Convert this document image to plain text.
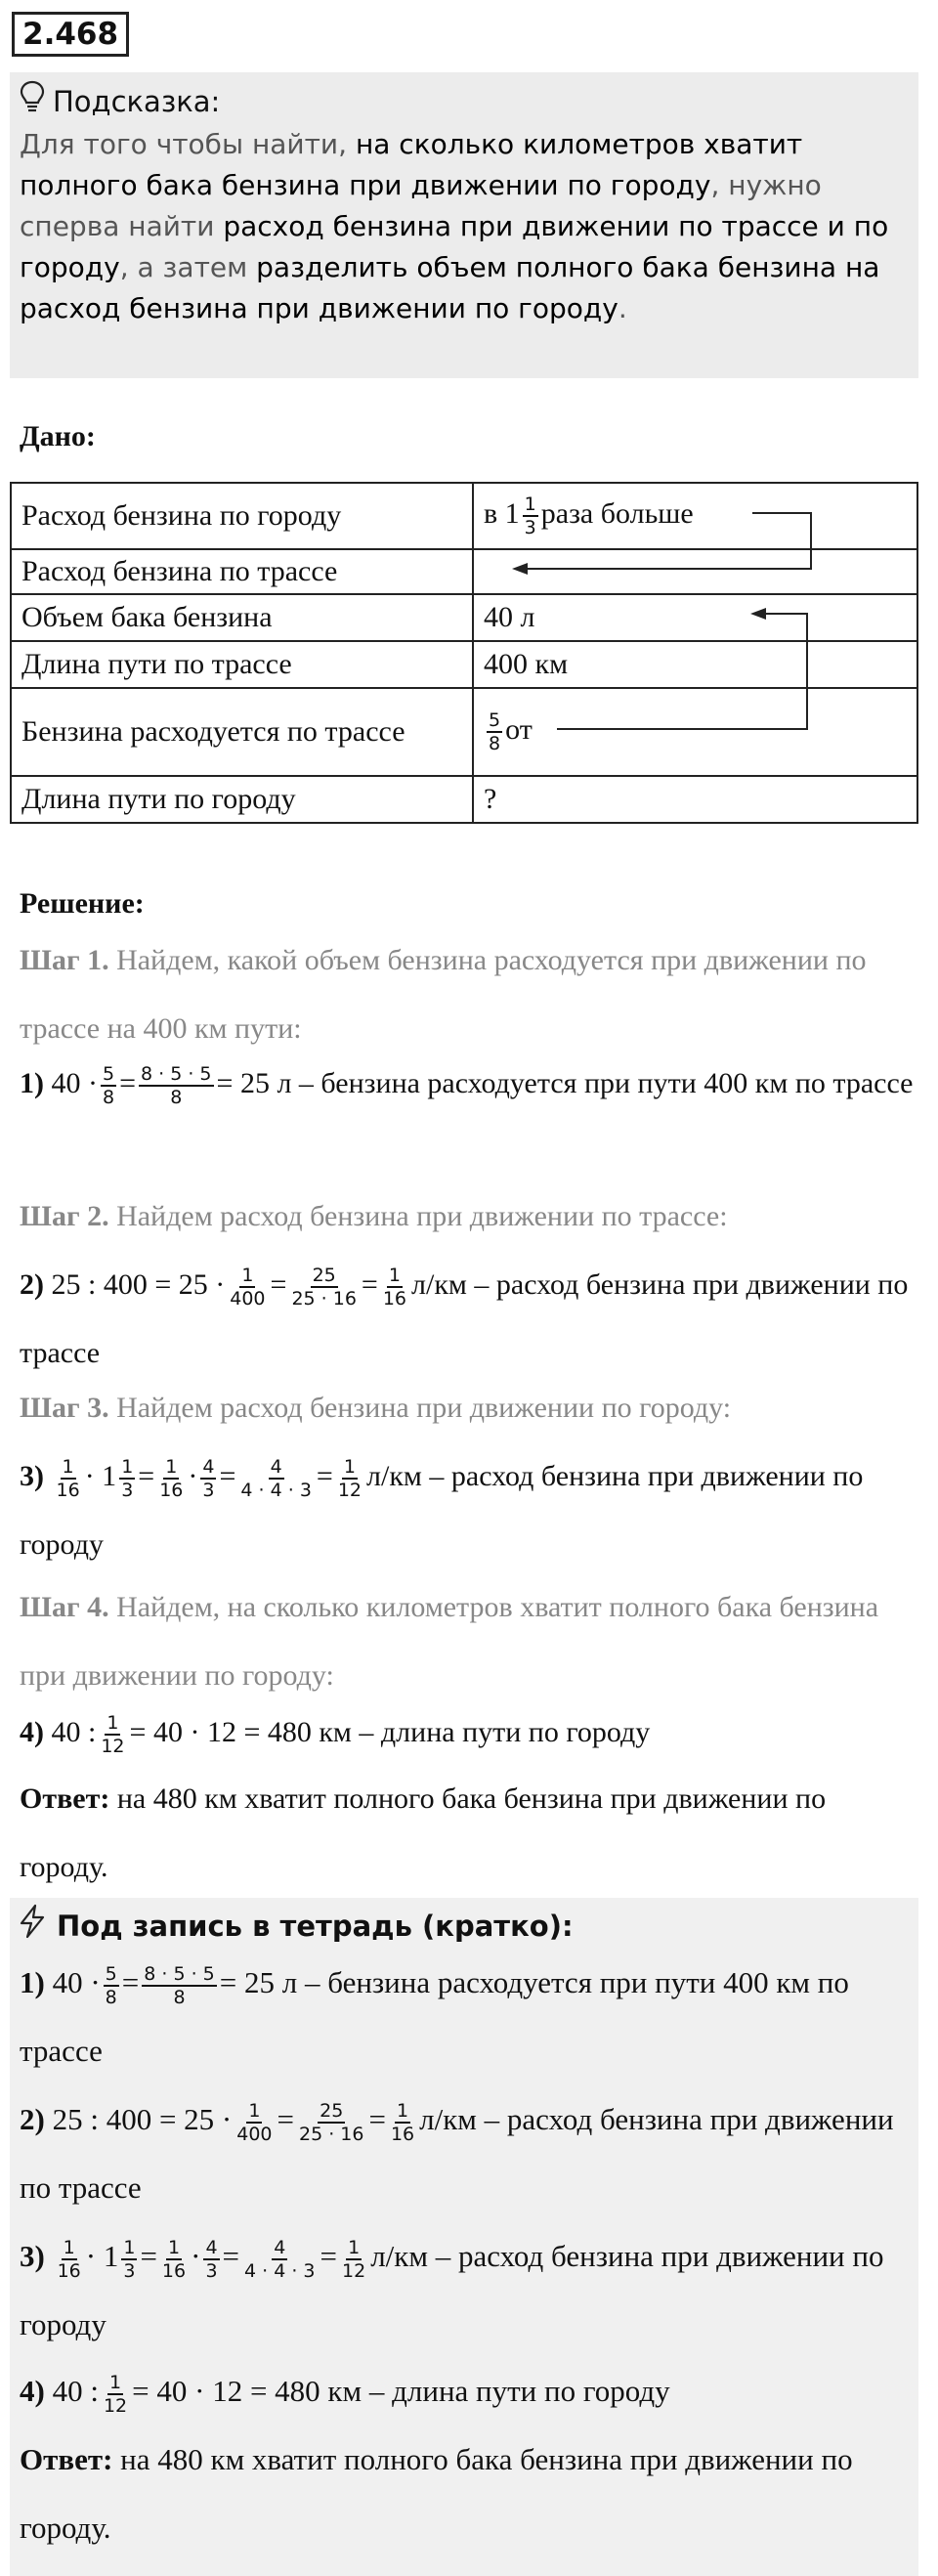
2.468
Подсказка:
Для того чтобы найти, на сколько километров хватит полного бака бензина при движении по городу, нужно сперва найти расход бензина при движении по трассе и по городу, а затем разделить объем полного бака бензина на расход бензина при движении по городу.
Дано:
Расход бензина по городу	в $1 \frac{1}{3}$ раза больше
Расход бензина по трассе	
Объем бака бензина	40 л
Длина пути по трассе	400 км
Бензина расходуется по трассе	$\frac{5}{8}$ от
Длина пути по городу	?
Решение:
Шаг 1. Найдем, какой объем бензина расходуется при движении по трассе на 400 км пути:
1) $40 \cdot \frac{5}{8} = \frac{8 \cdot 5 \cdot 5}{8} = 25$ л – бензина расходуется при пути 400 км по трассе
Шаг 2. Найдем расход бензина при движении по трассе:
2) 25 : $400 = 25 \cdot \frac{1}{400} = \frac{25}{25 \cdot 16} = \frac{1}{16} л/км$ – расход бензина при движении по трассе
Шаг 3. Найдем расход бензина при движении по городу:
$3) \frac{1}{16} \cdot 1 \frac{1}{3} = \frac{1}{16} \cdot \frac{4}{3} = \frac{4}{4 \cdot 4 \cdot 3} = \frac{1}{12} л/км$ – расход бензина при движении по городу
Шаг 4. Найдем, на сколько километров хватит полного бака бензина при движении по городу:
4) 40 : $\frac{1}{12} = 40 \cdot 12 = 480$ км – длина пути по городу
Ответ: на 480 км хватит полного бака бензина при движении по городу.
Под запись в тетрадь (кратко):
1) $40 \cdot \frac{5}{8} = \frac{8 \cdot 5 \cdot 5}{8} = 25$ л – бензина расходуется при пути 400 км по трассе
2) 25 : $400 = 25 \cdot \frac{1}{400} = \frac{25}{25 \cdot 16} = \frac{1}{16} л/км$ – расход бензина при движении по трассе
$3) \frac{1}{16} \cdot 1 \frac{1}{3} = \frac{1}{16} \cdot \frac{4}{3} = \frac{4}{4 \cdot 4 \cdot 3} = \frac{1}{12} л/км$ – расход бензина при движении по городу
4) 40 : $\frac{1}{12} = 40 \cdot 12 = 480$ км – длина пути по городу
Ответ: на 480 км хватит полного бака бензина при движении по городу.
